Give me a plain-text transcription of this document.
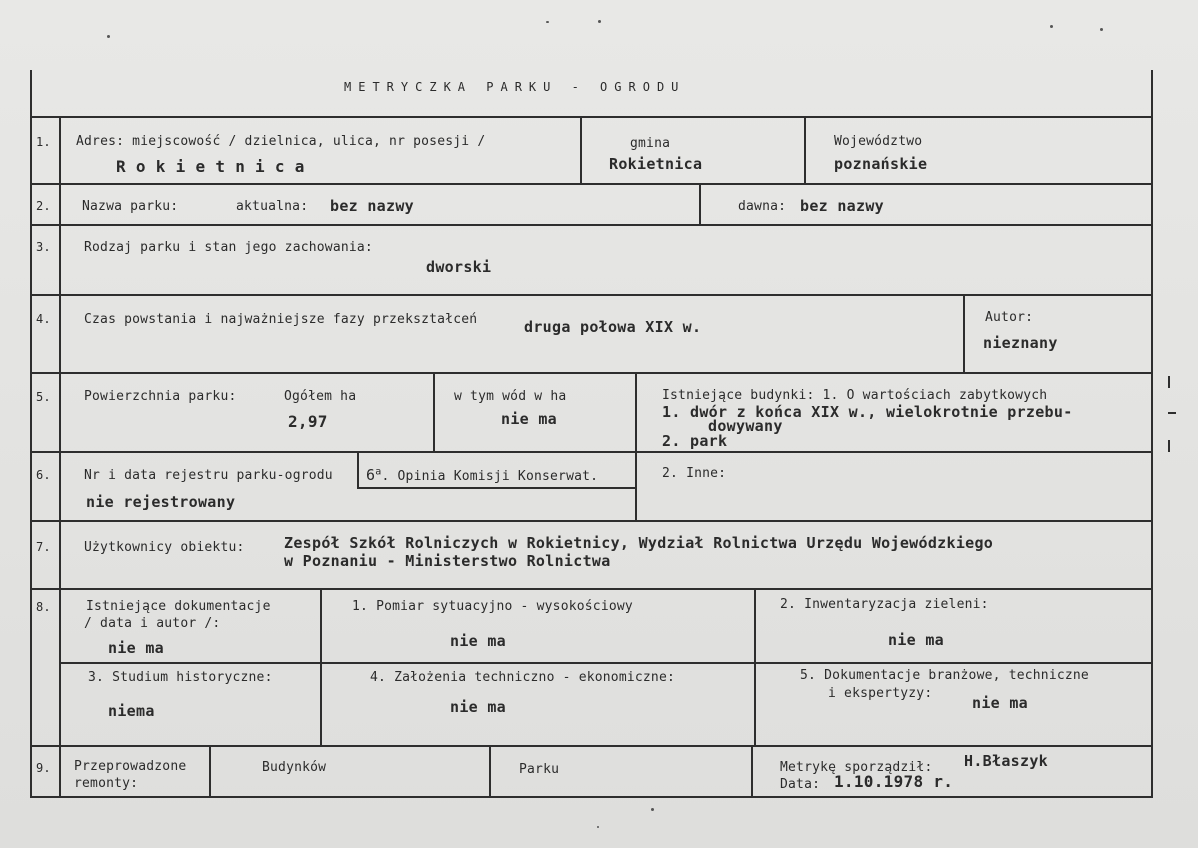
METRYCZKA PARKU - OGRODU
1. Adres: miejscowość / dzielnica, ulica, nr posesji /
R o k i e t n i c a
gmina
Rokietnica
Województwo
poznańskie
2. Nazwa parku:	aktualna: bez nazwy	dawna: bez nazwy
3.	Rodzaj parku i stan jego zachowania:
dworski
4.	Czas powstania i najważniejsze fazy przekształceń	druga połowa XIX w.
Autor:
nieznany
5.	Powierzchnia parku:	Ogółem ha
2,97
w tym wód w ha
nie ma
Istniejące budynki: 1. O wartościach zabytkowych
1. dwór z końca XIX w., wielokrotnie przebu-
dowywany
2. park
6.	Nr i data rejestru parku-ogrodu
nie rejestrowany
6$^a$. Opinia Komisji Konserwat.	2. Inne:
7.	Użytkownicy obiektu:	Zespół Szkół Rolniczych w Rokietnicy, Wydział Rolnictwa Urzędu Wojewódzkiego
w Poznaniu - Ministerstwo Rolnictwa
8.	Istniejące dokumentacje
/ data i autor /:
nie ma
1. Pomiar sytuacyjno - wysokościowy
nie ma
2. Inwentaryzacja zieleni:
nie ma
3. Studium historyczne:
niema
4. Założenia techniczno - ekonomiczne:
nie ma
5. Dokumentacje branżowe, techniczne
i ekspertyzy:
nie ma
9. Przeprowadzone
remonty:
Budynków	Parku	Metrykę sporządził: H.Błaszyk
Data: 1.10.1978 r.
